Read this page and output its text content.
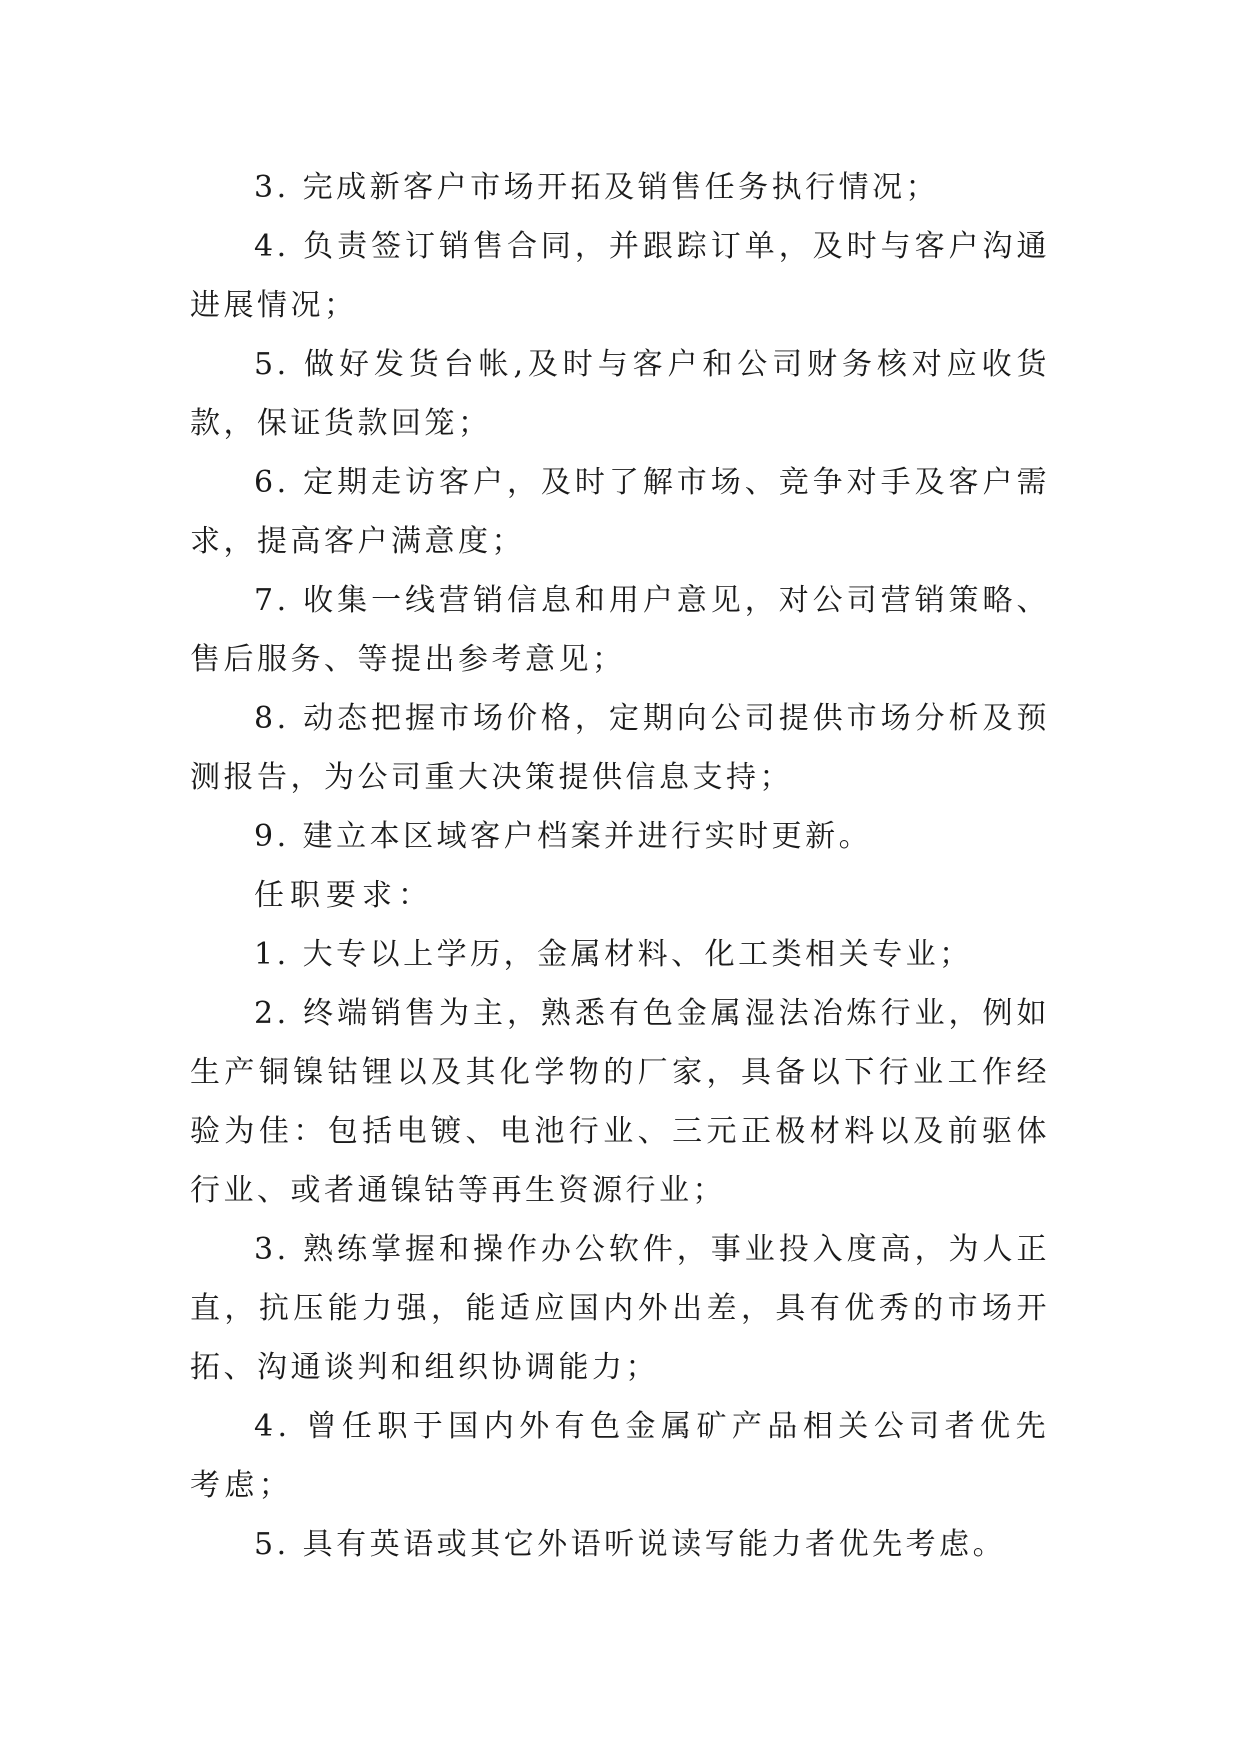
3. 完成新客户市场开拓及销售任务执行情况；

4. 负责签订销售合同，并跟踪订单，及时与客户沟通进展情况；

5. 做好发货台帐,及时与客户和公司财务核对应收货款，保证货款回笼；

6. 定期走访客户，及时了解市场、竞争对手及客户需求，提高客户满意度；

7. 收集一线营销信息和用户意见，对公司营销策略、售后服务、等提出参考意见；

8. 动态把握市场价格，定期向公司提供市场分析及预测报告，为公司重大决策提供信息支持；

9. 建立本区域客户档案并进行实时更新。

任职要求：

1. 大专以上学历，金属材料、化工类相关专业；

2. 终端销售为主，熟悉有色金属湿法冶炼行业，例如生产铜镍钴锂以及其化学物的厂家，具备以下行业工作经验为佳：包括电镀、电池行业、三元正极材料以及前驱体行业、或者通镍钴等再生资源行业；

3. 熟练掌握和操作办公软件，事业投入度高，为人正直，抗压能力强，能适应国内外出差，具有优秀的市场开拓、沟通谈判和组织协调能力；

4. 曾任职于国内外有色金属矿产品相关公司者优先考虑；

5. 具有英语或其它外语听说读写能力者优先考虑。
